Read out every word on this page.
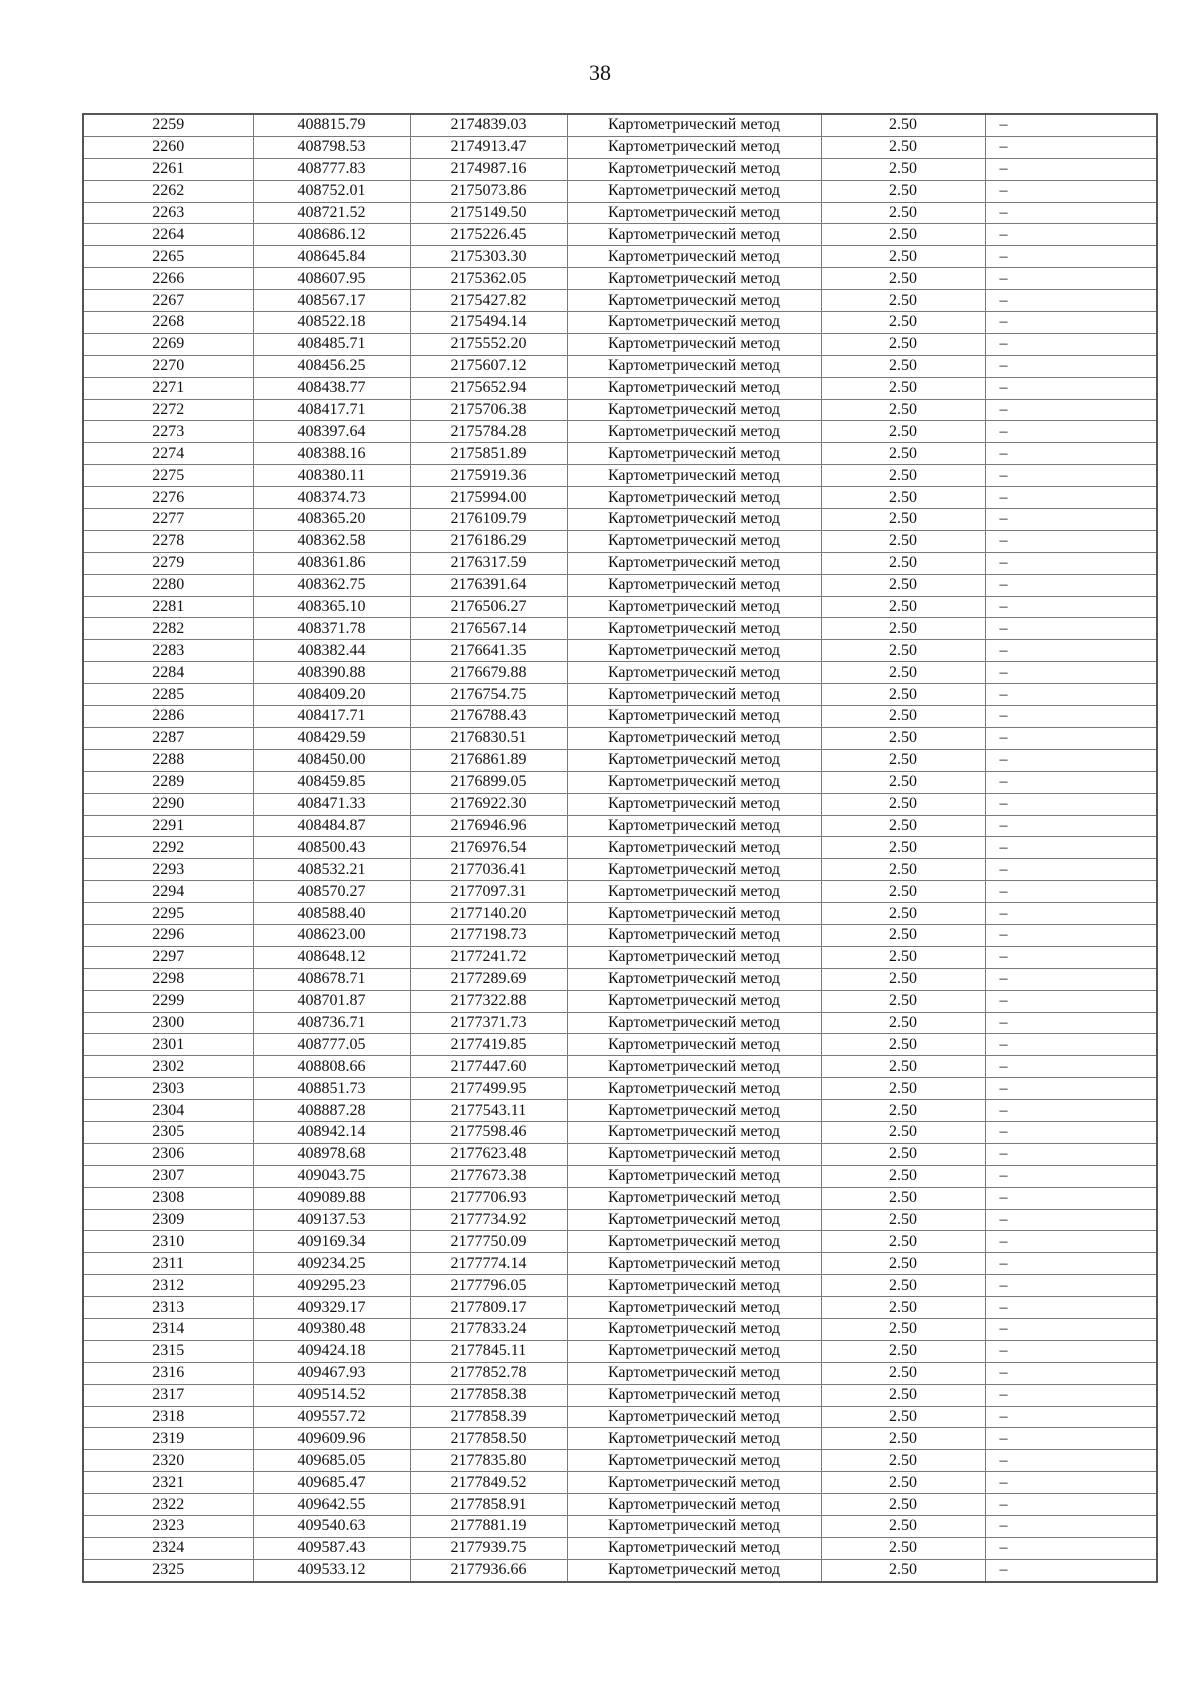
38
2259	408815.79	2174839.03	Картометрический метод	2.50	–
2260	408798.53	2174913.47	Картометрический метод	2.50	–
2261	408777.83	2174987.16	Картометрический метод	2.50	–
2262	408752.01	2175073.86	Картометрический метод	2.50	–
2263	408721.52	2175149.50	Картометрический метод	2.50	–
2264	408686.12	2175226.45	Картометрический метод	2.50	–
2265	408645.84	2175303.30	Картометрический метод	2.50	–
2266	408607.95	2175362.05	Картометрический метод	2.50	–
2267	408567.17	2175427.82	Картометрический метод	2.50	–
2268	408522.18	2175494.14	Картометрический метод	2.50	–
2269	408485.71	2175552.20	Картометрический метод	2.50	–
2270	408456.25	2175607.12	Картометрический метод	2.50	–
2271	408438.77	2175652.94	Картометрический метод	2.50	–
2272	408417.71	2175706.38	Картометрический метод	2.50	–
2273	408397.64	2175784.28	Картометрический метод	2.50	–
2274	408388.16	2175851.89	Картометрический метод	2.50	–
2275	408380.11	2175919.36	Картометрический метод	2.50	–
2276	408374.73	2175994.00	Картометрический метод	2.50	–
2277	408365.20	2176109.79	Картометрический метод	2.50	–
2278	408362.58	2176186.29	Картометрический метод	2.50	–
2279	408361.86	2176317.59	Картометрический метод	2.50	–
2280	408362.75	2176391.64	Картометрический метод	2.50	–
2281	408365.10	2176506.27	Картометрический метод	2.50	–
2282	408371.78	2176567.14	Картометрический метод	2.50	–
2283	408382.44	2176641.35	Картометрический метод	2.50	–
2284	408390.88	2176679.88	Картометрический метод	2.50	–
2285	408409.20	2176754.75	Картометрический метод	2.50	–
2286	408417.71	2176788.43	Картометрический метод	2.50	–
2287	408429.59	2176830.51	Картометрический метод	2.50	–
2288	408450.00	2176861.89	Картометрический метод	2.50	–
2289	408459.85	2176899.05	Картометрический метод	2.50	–
2290	408471.33	2176922.30	Картометрический метод	2.50	–
2291	408484.87	2176946.96	Картометрический метод	2.50	–
2292	408500.43	2176976.54	Картометрический метод	2.50	–
2293	408532.21	2177036.41	Картометрический метод	2.50	–
2294	408570.27	2177097.31	Картометрический метод	2.50	–
2295	408588.40	2177140.20	Картометрический метод	2.50	–
2296	408623.00	2177198.73	Картометрический метод	2.50	–
2297	408648.12	2177241.72	Картометрический метод	2.50	–
2298	408678.71	2177289.69	Картометрический метод	2.50	–
2299	408701.87	2177322.88	Картометрический метод	2.50	–
2300	408736.71	2177371.73	Картометрический метод	2.50	–
2301	408777.05	2177419.85	Картометрический метод	2.50	–
2302	408808.66	2177447.60	Картометрический метод	2.50	–
2303	408851.73	2177499.95	Картометрический метод	2.50	–
2304	408887.28	2177543.11	Картометрический метод	2.50	–
2305	408942.14	2177598.46	Картометрический метод	2.50	–
2306	408978.68	2177623.48	Картометрический метод	2.50	–
2307	409043.75	2177673.38	Картометрический метод	2.50	–
2308	409089.88	2177706.93	Картометрический метод	2.50	–
2309	409137.53	2177734.92	Картометрический метод	2.50	–
2310	409169.34	2177750.09	Картометрический метод	2.50	–
2311	409234.25	2177774.14	Картометрический метод	2.50	–
2312	409295.23	2177796.05	Картометрический метод	2.50	–
2313	409329.17	2177809.17	Картометрический метод	2.50	–
2314	409380.48	2177833.24	Картометрический метод	2.50	–
2315	409424.18	2177845.11	Картометрический метод	2.50	–
2316	409467.93	2177852.78	Картометрический метод	2.50	–
2317	409514.52	2177858.38	Картометрический метод	2.50	–
2318	409557.72	2177858.39	Картометрический метод	2.50	–
2319	409609.96	2177858.50	Картометрический метод	2.50	–
2320	409685.05	2177835.80	Картометрический метод	2.50	–
2321	409685.47	2177849.52	Картометрический метод	2.50	–
2322	409642.55	2177858.91	Картометрический метод	2.50	–
2323	409540.63	2177881.19	Картометрический метод	2.50	–
2324	409587.43	2177939.75	Картометрический метод	2.50	–
2325	409533.12	2177936.66	Картометрический метод	2.50	–
